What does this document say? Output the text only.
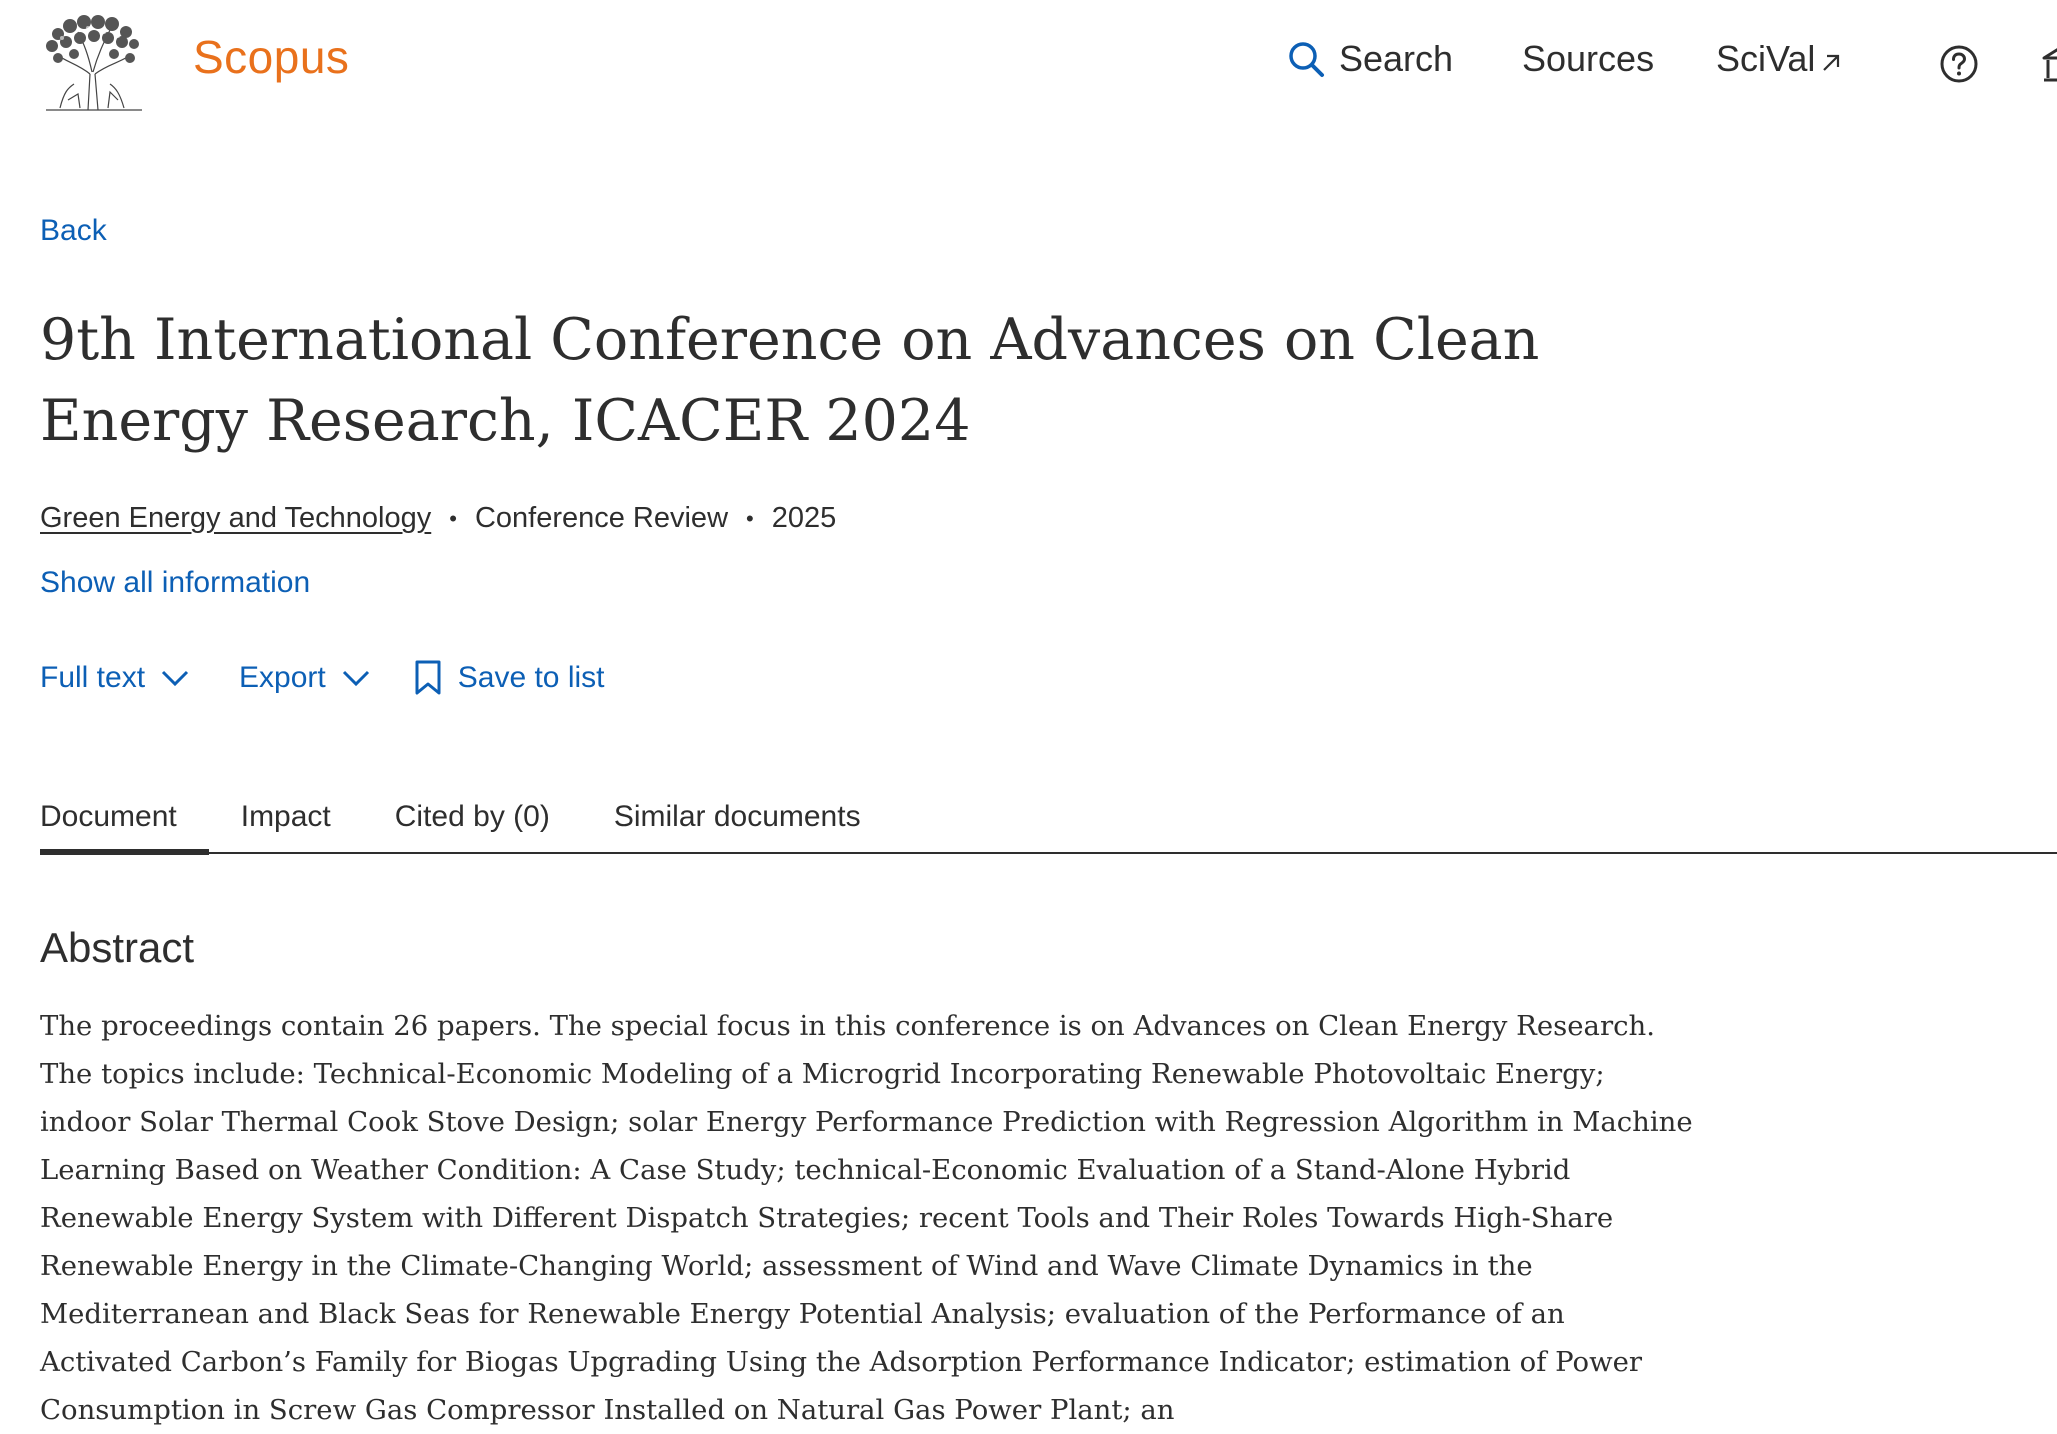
Scopus	Search Sources SciVal
Back
9th International Conference on Advances on Clean Energy Research, ICACER 2024
Green Energy and Technology • Conference Review • 2025
Show all information
Full text	Export	Save to list
Document Impact Cited by (0) Similar documents
Abstract

The proceedings contain 26 papers. The special focus in this conference is on Advances on Clean Energy Research. The topics include: Technical-Economic Modeling of a Microgrid Incorporating Renewable Photovoltaic Energy; indoor Solar Thermal Cook Stove Design; solar Energy Performance Prediction with Regression Algorithm in Machine Learning Based on Weather Condition: A Case Study; technical-Economic Evaluation of a Stand-Alone Hybrid Renewable Energy System with Different Dispatch Strategies; recent Tools and Their Roles Towards High-Share Renewable Energy in the Climate-Changing World; assessment of Wind and Wave Climate Dynamics in the Mediterranean and Black Seas for Renewable Energy Potential Analysis; evaluation of the Performance of an Activated Carbon’s Family for Biogas Upgrading Using the Adsorption Performance Indicator; estimation of Power Consumption in Screw Gas Compressor Installed on Natural Gas Power Plant; an
